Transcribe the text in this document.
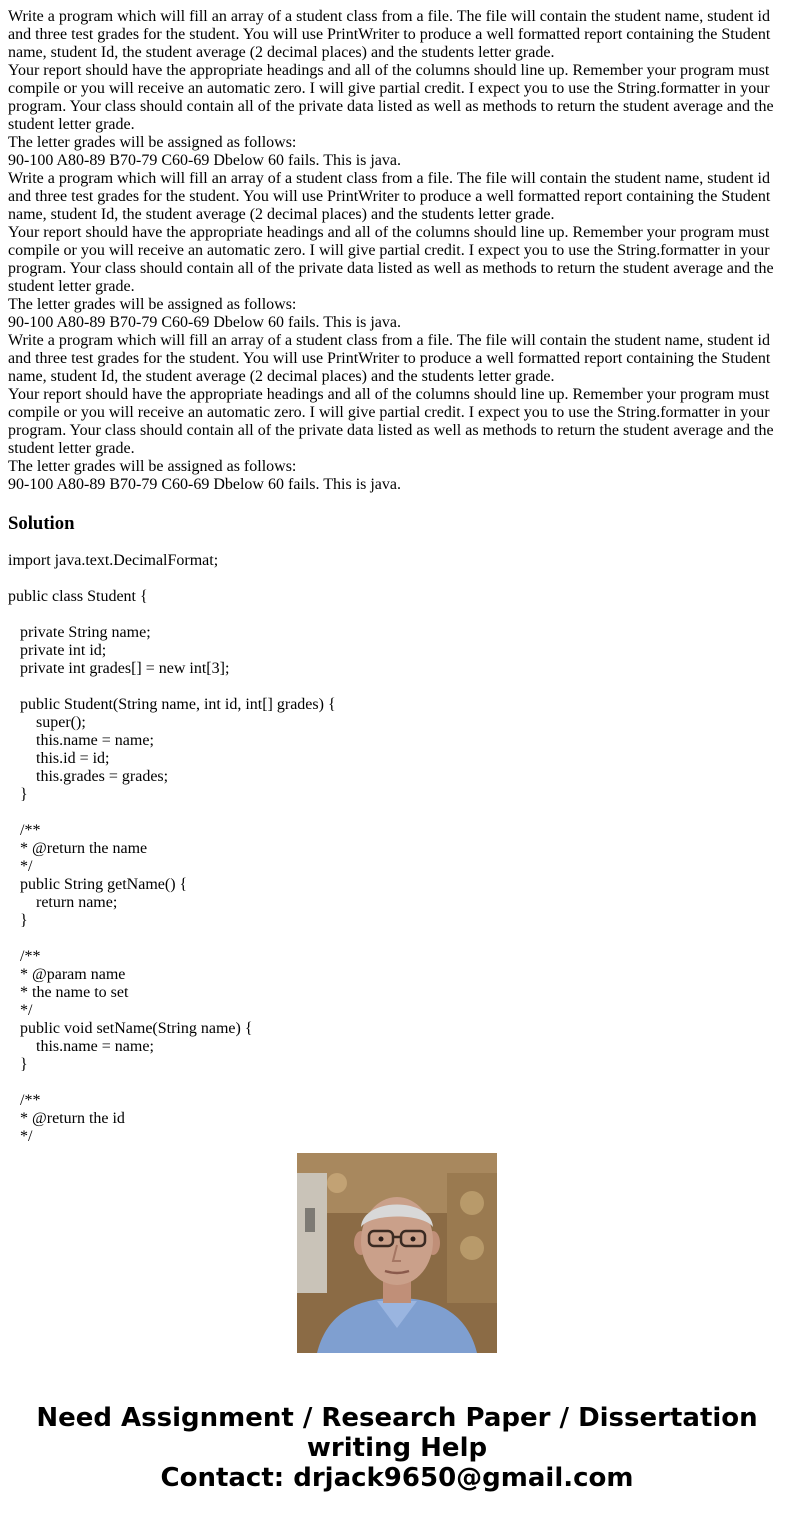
Write a program which will fill an array of a student class from a file. The file will contain the student name, student id and three test grades for the student. You will use PrintWriter to produce a well formatted report containing the Student name, student Id, the student average (2 decimal places) and the students letter grade.

Your report should have the appropriate headings and all of the columns should line up. Remember your program must compile or you will receive an automatic zero. I will give partial credit. I expect you to use the String.formatter in your program. Your class should contain all of the private data listed as well as methods to return the student average and the student letter grade.

The letter grades will be assigned as follows:

90-100 A80-89 B70-79 C60-69 Dbelow 60 fails. This is java.

Write a program which will fill an array of a student class from a file. The file will contain the student name, student id and three test grades for the student. You will use PrintWriter to produce a well formatted report containing the Student name, student Id, the student average (2 decimal places) and the students letter grade.

Your report should have the appropriate headings and all of the columns should line up. Remember your program must compile or you will receive an automatic zero. I will give partial credit. I expect you to use the String.formatter in your program. Your class should contain all of the private data listed as well as methods to return the student average and the student letter grade.

The letter grades will be assigned as follows:

90-100 A80-89 B70-79 C60-69 Dbelow 60 fails. This is java.

Write a program which will fill an array of a student class from a file. The file will contain the student name, student id and three test grades for the student. You will use PrintWriter to produce a well formatted report containing the Student name, student Id, the student average (2 decimal places) and the students letter grade.

Your report should have the appropriate headings and all of the columns should line up. Remember your program must compile or you will receive an automatic zero. I will give partial credit. I expect you to use the String.formatter in your program. Your class should contain all of the private data listed as well as methods to return the student average and the student letter grade.

The letter grades will be assigned as follows:

90-100 A80-89 B70-79 C60-69 Dbelow 60 fails. This is java.

Solution
import java.text.DecimalFormat;
public class Student {
private String name;
private int id;
private int grades[] = new int[3];
public Student(String name, int id, int[] grades) {
super();
this.name = name;
this.id = id;
this.grades = grades;
}
/**
* @return the name
*/
public String getName() {
return name;
}
/**
* @param name
* the name to set
*/
public void setName(String name) {
this.name = name;
}
/**
* @return the id
*/

Need Assignment / Research Paper / Dissertation

writing Help

Contact: drjack9650@gmail.com
